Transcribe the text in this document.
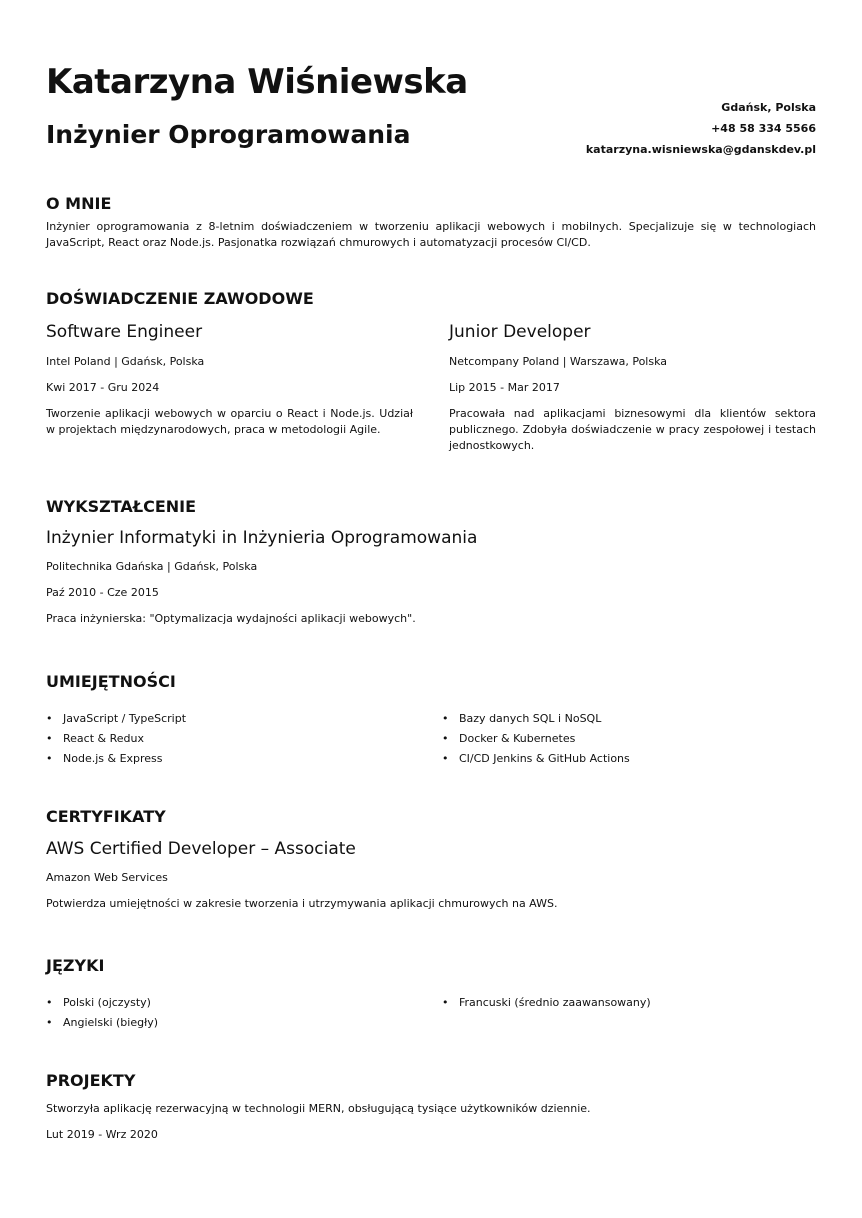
Katarzyna Wiśniewska
Inżynier Oprogramowania
Gdańsk, Polska
+48 58 334 5566
katarzyna.wisniewska@gdanskdev.pl
O MNIE

Inżynier oprogramowania z 8-letnim doświadczeniem w tworzeniu aplikacji webowych i mobilnych. Specjalizuje się w technologiach JavaScript, React oraz Node.js. Pasjonatka rozwiązań chmurowych i automatyzacji procesów CI/CD.

DOŚWIADCZENIE ZAWODOWE

Software Engineer

Intel Poland | Gdańsk, Polska

Kwi 2017 - Gru 2024

Tworzenie aplikacji webowych w oparciu o React i Node.js. Udział w projektach międzynarodowych, praca w metodologii Agile.

Junior Developer

Netcompany Poland | Warszawa, Polska

Lip 2015 - Mar 2017

Pracowała nad aplikacjami biznesowymi dla klientów sektora publicznego. Zdobyła doświadczenie w pracy zespołowej i testach jednostkowych.

WYKSZTAŁCENIE

Inżynier Informatyki in Inżynieria Oprogramowania

Politechnika Gdańska | Gdańsk, Polska

Paź 2010 - Cze 2015

Praca inżynierska: "Optymalizacja wydajności aplikacji webowych".

UMIEJĘTNOŚCI
• JavaScript / TypeScript
• React & Redux
• Node.js & Express
• Bazy danych SQL i NoSQL
• Docker & Kubernetes
• CI/CD Jenkins & GitHub Actions
CERTYFIKATY

AWS Certified Developer – Associate

Amazon Web Services

Potwierdza umiejętności w zakresie tworzenia i utrzymywania aplikacji chmurowych na AWS.

JĘZYKI
• Polski (ojczysty)
• Angielski (biegły)
• Francuski (średnio zaawansowany)
PROJEKTY

Stworzyła aplikację rezerwacyjną w technologii MERN, obsługującą tysiące użytkowników dziennie.

Lut 2019 - Wrz 2020
